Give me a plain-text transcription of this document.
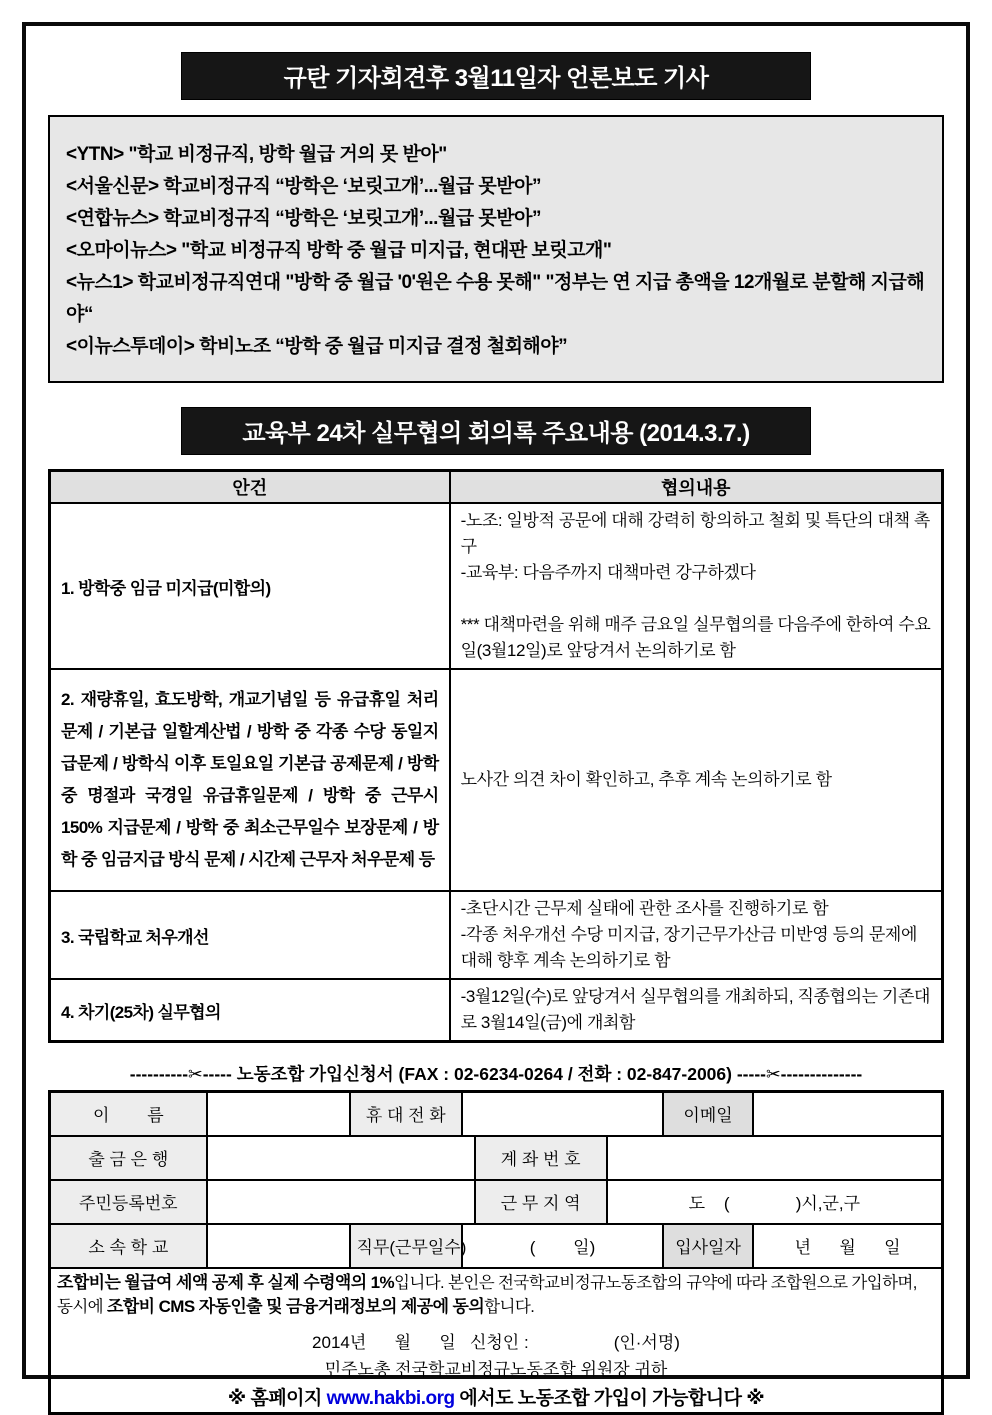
규탄 기자회견후 3월11일자 언론보도 기사

<YTN> "학교 비정규직, 방학 월급 거의 못 받아"

<서울신문> 학교비정규직 “방학은 ‘보릿고개’...월급 못받아”

<연합뉴스> 학교비정규직 “방학은 ‘보릿고개’...월급 못받아”

<오마이뉴스> "학교 비정규직 방학 중 월급 미지급, 현대판 보릿고개"

<뉴스1> 학교비정규직연대 "방학 중 월급 '0'원은 수용 못해" "정부는 연 지급 총액을 12개월로 분할해 지급해야“

<이뉴스투데이> 학비노조 “방학 중 월급 미지급 결정 철회해야”

교육부 24차 실무협의 회의록 주요내용 (2014.3.7.)
안건	협의내용
1. 방학중 임금 미지급(미합의)	-노조: 일방적 공문에 대해 강력히 항의하고 철회 및 특단의 대책 촉구

-교육부: 다음주까지 대책마련 강구하겠다

*** 대책마련을 위해 매주 금요일 실무협의를 다음주에 한하여 수요일(3월12일)로 앞당겨서 논의하기로 함

2. 재량휴일, 효도방학, 개교기념일 등 유급휴일 처리문제 / 기본급 일할계산법 / 방학 중 각종 수당 동일지급문제 / 방학식 이후 토일요일 기본급 공제문제 / 방학 중 명절과 국경일 유급휴일문제 / 방학 중 근무시 150% 지급문제 / 방학 중 최소근무일수 보장문제 / 방학 중 임금지급 방식 문제 / 시간제 근무자 처우문제 등	노사간 의견 차이 확인하고, 추후 계속 논의하기로 함

3. 국립학교 처우개선	-초단시간 근무제 실태에 관한 조사를 진행하기로 함

-각종 처우개선 수당 미지급, 장기근무가산금 미반영 등의 문제에 대해 향후 계속 논의하기로 함

4. 차기(25차) 실무협의	-3월12일(수)로 앞당겨서 실무협의를 개최하되, 직종협의는 기존대로 3월14일(금)에 개최함

----------✂----- 노동조합 가입신청서 (FAX : 02-6234-0264 / 전화 : 02-847-2006) -----✂--------------
이        름		휴 대 전 화				이메일	
출 금 은 행				계 좌 번 호			
주민등록번호				근 무 지 역	도    (              )시,군,구		
소 속 학 교		직무(근무일수)	(        일)			입사일자	년      월      일

조합비는 월급여 세액 공제 후 실제 수령액의 1%입니다. 본인은 전국학교비정규노동조합의 규약에 따라 조합원으로 가입하며, 동시에 조합비 CMS 자동인출 및 금융거래정보의 제공에 동의합니다.

2014년      월      일   신청인 :                  (인·서명)

민주노총 전국학교비정규노동조합 위원장 귀하

※ 홈페이지 www.hakbi.org 에서도 노동조합 가입이 가능합니다 ※							
